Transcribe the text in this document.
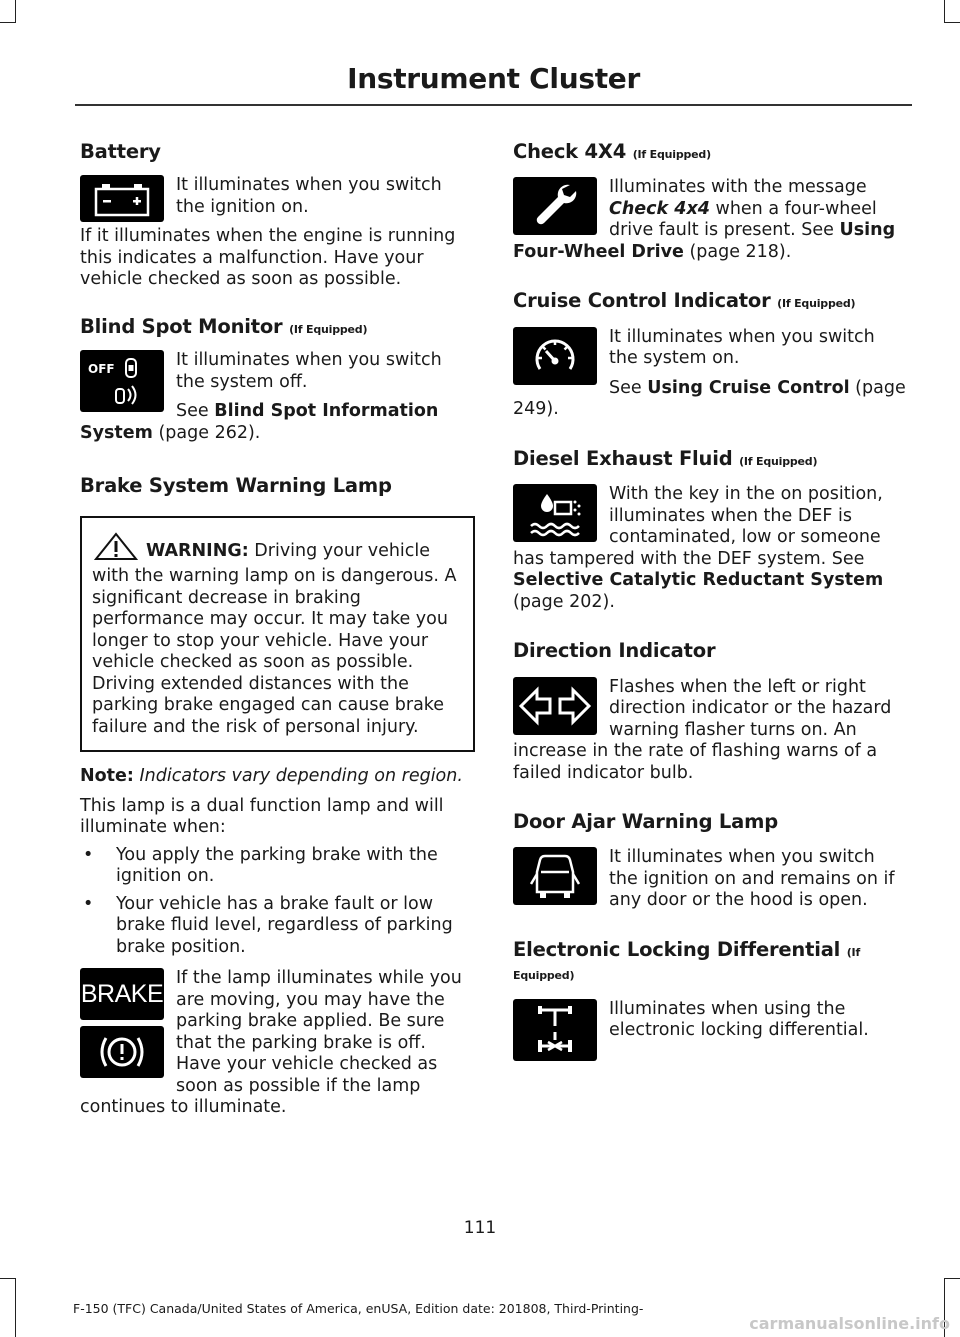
Instrument Cluster
Battery

It illuminates when you switch the ignition on.

If it illuminates when the engine is running this indicates a malfunction. Have your vehicle checked as soon as possible.

Blind Spot Monitor (If Equipped)
OFF	It illuminates when you switch the system off.

See Blind Spot Information System (page 262).

Brake System Warning Lamp

WARNING: Driving your vehicle with the warning lamp on is dangerous. A significant decrease in braking performance may occur. It may take you longer to stop your vehicle. Have your vehicle checked as soon as possible. Driving extended distances with the parking brake engaged can cause brake failure and the risk of personal injury.

Note: Indicators vary depending on region.

This lamp is a dual function lamp and will illuminate when:

• You apply the parking brake with the ignition on.
• Your vehicle has a brake fault or low brake fluid level, regardless of parking brake position.
BRAKE

If the lamp illuminates while you are moving, you may have the parking brake applied. Be sure that the parking brake is off. Have your vehicle checked as soon as possible if the lamp continues to illuminate.

Check 4X4 (If Equipped)

Illuminates with the message Check 4x4 when a four-wheel drive fault is present. See Using Four-Wheel Drive (page 218).

Cruise Control Indicator (If Equipped)

It illuminates when you switch the system on.

See Using Cruise Control (page 249).

Diesel Exhaust Fluid (If Equipped)

With the key in the on position, illuminates when the DEF is contaminated, low or someone has tampered with the DEF system. See Selective Catalytic Reductant System (page 202).

Direction Indicator

Flashes when the left or right direction indicator or the hazard warning flasher turns on. An increase in the rate of flashing warns of a failed indicator bulb.

Door Ajar Warning Lamp

It illuminates when you switch the ignition on and remains on if any door or the hood is open.

Electronic Locking Differential (If Equipped)

Illuminates when using the electronic locking differential.

111
F-150 (TFC) Canada/United States of America, enUSA, Edition date: 201808, Third-Printing-
carmanualsonline.info
